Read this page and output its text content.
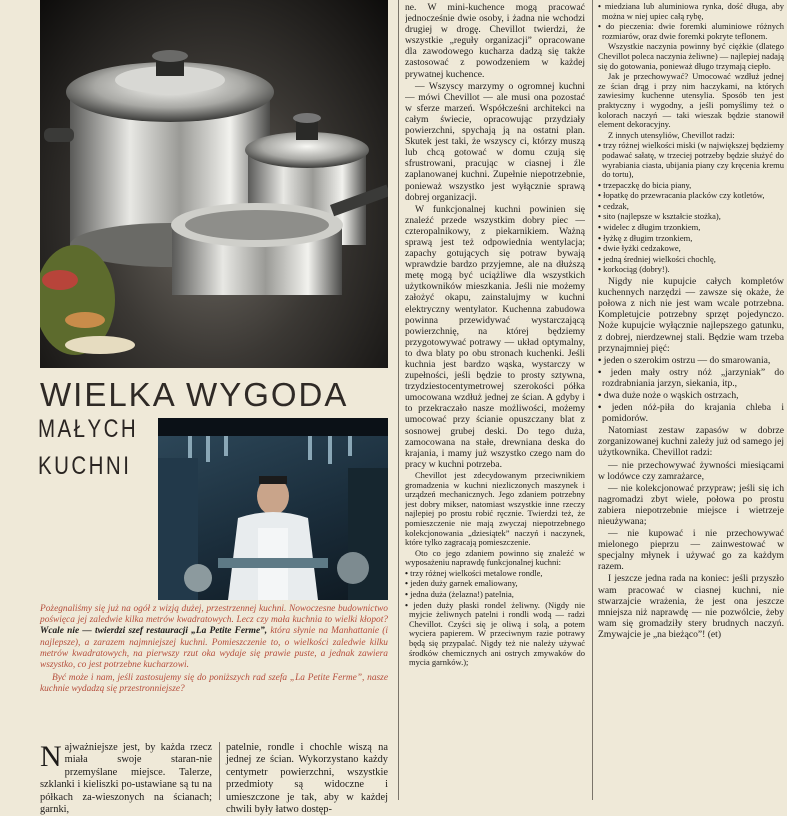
WIELKA WYGODA
MAŁYCH
KUCHNI

Pożegnaliśmy się już na ogół z wizją dużej, przestrzennej kuchni. Nowoczesne budownictwo poświęca jej zaledwie kilka metrów kwadratowych. Lecz czy mała kuchnia to wielki kłopot? Wcale nie — twierdzi szef restauracji „La Petite Ferme”, która słynie na Manhattanie (i najlepsze), a zarazem najmniejszej kuchni. Pomieszczenie to, o wielkości zaledwie kilku metrów kwadratowych, na pierwszy rzut oka wydaje się prawie puste, a jednak zawiera wszystko, co jest potrzebne kucharzowi.

Być może i nam, jeśli zastosujemy się do poniższych rad szefa „La Petite Ferme”, nasze kuchnie wydadzą się przestronniejsze?

N ajważniejsze jest, by każda rzecz miała swoje staran-nie przemyślane miejsce. Talerze, szklanki i kieliszki po-ustawiane są tu na półkach za-wieszonych na ścianach; garnki,
patelnie, rondle i chochle wiszą na jednej ze ścian. Wykorzystano każdy centymetr powierzchni, wszystkie przedmioty są widoczne i umieszczone je tak, aby w każdej chwili były łatwo dostęp-

ne. W mini-kuchence mogą pracować jednocześnie dwie osoby, i żadna nie wchodzi drugiej w drogę. Chevillot twierdzi, że wszystkie „reguły organizacji” opracowane dla zawodowego kucharza dadzą się także zastosować z powodzeniem w każdej prywatnej kuchence.

— Wszyscy marzymy o ogromnej kuchni — mówi Chevillot — ale musi ona pozostać w sferze marzeń. Współcześni architekci na całym świecie, opracowując przydziały powierzchni, spychają ją na ostatni plan. Skutek jest taki, że wszyscy ci, którzy muszą lub chcą gotować w domu czują się sfrustrowani, pracując w ciasnej i źle zaplanowanej kuchni. Zupełnie niepotrzebnie, ponieważ wszystko jest wyłącznie sprawą dobrej organizacji.

W funkcjonalnej kuchni powinien się znaleźć przede wszystkim dobry piec — czteropalnikowy, z piekarnikiem. Ważną sprawą jest też odpowiednia wentylacja; zapachy gotujących się potraw bywają wprawdzie bardzo przyjemne, ale na dłuższą metę mogą być uciążliwe dla wszystkich użytkowników mieszkania. Jeśli nie możemy założyć okapu, zainstalujmy w kuchni elektryczny wentylator. Kuchenna zabudowa powinna przewidywać wystarczającą powierzchnię, na której będziemy przygotowywać potrawy — układ optymalny, to dwa blaty po obu stronach kuchenki. Jeśli kuchnia jest bardzo wąska, wystarczy w zupełności, jeśli będzie to prosty sztywna, trzydziestocentymetrowej szerokości półka umocowana wzdłuż jednej ze ścian. A gdyby i to przekraczało nasze możliwości, możemy umocować przy ścianie opuszczany blat z sosnowej grubej deski. Do tego duża, zamocowana na stałe, drewniana deska do krajania, i mamy już wszystko czego nam do pracy w kuchni potrzeba.

Chevillot jest zdecydowanym przeciwnikiem gromadzenia w kuchni niezliczonych maszynek i urządzeń mechanicznych. Jego zdaniem potrzebny jest dobry mikser, natomiast wszystkie inne rzeczy najlepiej po prostu robić ręcznie. Twierdzi też, że pomieszczenie nie mają zwyczaj niepotrzebnego kolekcjonowania „dziesiątek” naczyń i naczynek, które tylko zagracają pomieszczenie.

Oto co jego zdaniem powinno się znaleźć w wyposażeniu naprawdę funkcjonalnej kuchni:

• trzy różnej wielkości metalowe rondle,
• jeden duży garnek emaliowany,
• jedna duża (żelazna!) patelnia,
• jeden duży płaski rondel żeliwny. (Nigdy nie myjcie żeliwnych patelni i rondli wodą — radzi Chevillot. Czyści się je oliwą i solą, a potem wyciera papierem. W przeciwnym razie potrawy będą się przypalać. Nigdy też nie należy używać środków chemicznych ani ostrych zmywaków do mycia garnków.);
• miedziana lub aluminiowa rynka, dość długa, aby można w niej upiec całą rybę,
• do pieczenia: dwie foremki aluminiowe różnych rozmiarów, oraz dwie foremki pokryte teflonem.

Wszystkie naczynia powinny być ciężkie (dlatego Chevillot poleca naczynia żeliwne) — najlepiej nadają się do gotowania, ponieważ długo trzymają ciepło.

Jak je przechowywać? Umocować wzdłuż jednej ze ścian drąg i przy nim haczykami, na których zawiesimy kuchenne utensylia. Sposób ten jest praktyczny i wygodny, a jeśli pomyślimy też o kolorach naczyń — taki wieszak będzie stanowił element dekoracyjny.

Z innych utensyliów, Chevillot radzi:

• trzy różnej wielkości miski (w największej będziemy podawać sałatę, w trzeciej potrzeby będzie służyć do wyrabiania ciasta, ubijania piany czy kręcenia kremu do tortu),
• trzepaczkę do bicia piany,
• łopatkę do przewracania placków czy kotletów,
• cedzak,
• sito (najlepsze w kształcie stożka),
• widelec z długim trzonkiem,
• łyżkę z długim trzonkiem,
• dwie łyżki cedzakowe,
• jedną średniej wielkości chochlę,
• korkociąg (dobry!).

Nigdy nie kupujcie całych kompletów kuchennych narzędzi — zawsze się okaże, że połowa z nich nie jest wam wcale potrzebna. Kompletujcie potrzebny sprzęt pojedynczo. Noże kupujcie wyłącznie najlepszego gatunku, z dobrej, nierdzewnej stali. Będzie wam trzeba przynajmniej pięć:

• jeden o szerokim ostrzu — do smarowania,
• jeden mały ostry nóż „jarzyniak” do rozdrabniania jarzyn, siekania, itp.,
• dwa duże noże o wąskich ostrzach,
• jeden nóż-piła do krajania chleba i pomidorów.

Natomiast zestaw zapasów w dobrze zorganizowanej kuchni zależy już od samego jej użytkownika. Chevillot radzi:

— nie przechowywać żywności miesiącami w lodówce czy zamrażarce,

— nie kolekcjonować przypraw; jeśli się ich nagromadzi zbyt wiele, połowa po prostu zabiera niepotrzebnie miejsce i wietrzeje nieużywana;

— nie kupować i nie przechowywać mielonego pieprzu — zainwestować w specjalny młynek i używać go za każdym razem.

I jeszcze jedna rada na koniec: jeśli przyszło wam pracować w ciasnej kuchni, nie stwarzajcie wrażenia, że jest ona jeszcze mniejsza niż naprawdę — nie pozwólcie, żeby wam się gromadziły stery brudnych naczyń. Zmywajcie je „na bieżąco”! (et)
